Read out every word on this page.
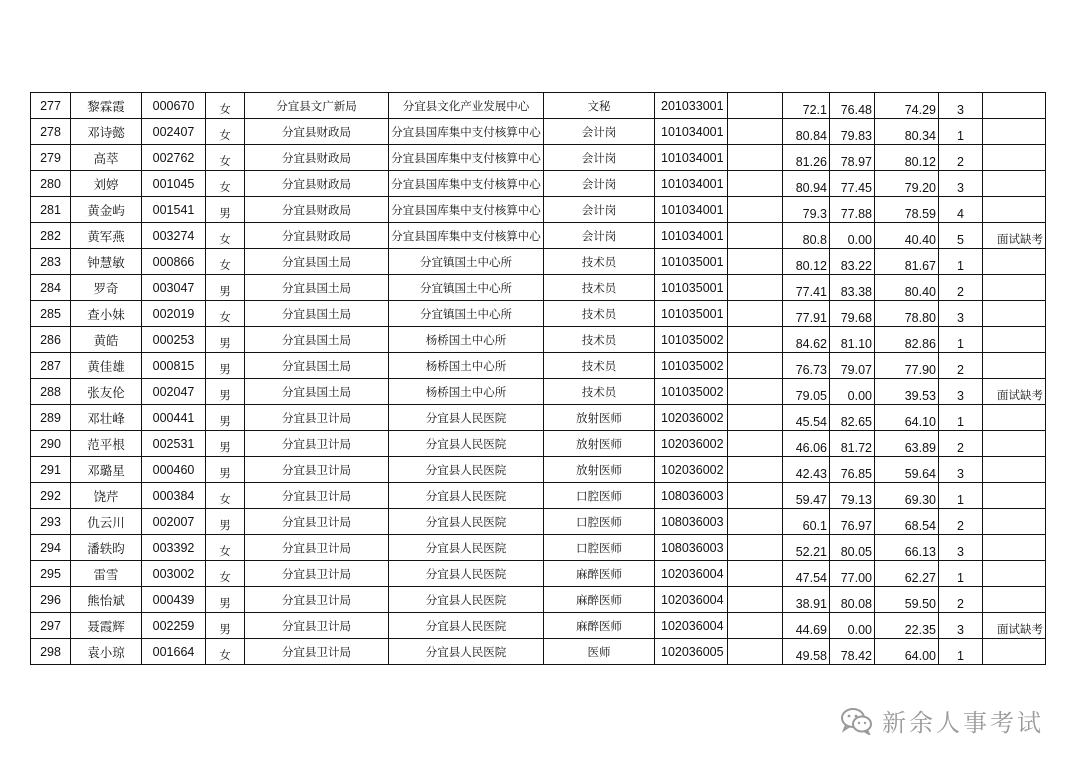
277	黎霖霞	000670	女	分宜县文广新局	分宜县文化产业发展中心	文秘	201033001		72.1	76.48	74.29	3	
278	邓诗懿	002407	女	分宜县财政局	分宜县国库集中支付核算中心	会计岗	101034001		80.84	79.83	80.34	1	
279	高萃	002762	女	分宜县财政局	分宜县国库集中支付核算中心	会计岗	101034001		81.26	78.97	80.12	2	
280	刘婷	001045	女	分宜县财政局	分宜县国库集中支付核算中心	会计岗	101034001		80.94	77.45	79.20	3	
281	黄金屿	001541	男	分宜县财政局	分宜县国库集中支付核算中心	会计岗	101034001		79.3	77.88	78.59	4	
282	黄军燕	003274	女	分宜县财政局	分宜县国库集中支付核算中心	会计岗	101034001		80.8	0.00	40.40	5	面试缺考
283	钟慧敏	000866	女	分宜县国土局	分宜镇国土中心所	技术员	101035001		80.12	83.22	81.67	1	
284	罗奇	003047	男	分宜县国土局	分宜镇国土中心所	技术员	101035001		77.41	83.38	80.40	2	
285	查小妹	002019	女	分宜县国土局	分宜镇国土中心所	技术员	101035001		77.91	79.68	78.80	3	
286	黄皓	000253	男	分宜县国土局	杨桥国土中心所	技术员	101035002		84.62	81.10	82.86	1	
287	黄佳雄	000815	男	分宜县国土局	杨桥国土中心所	技术员	101035002		76.73	79.07	77.90	2	
288	张友伦	002047	男	分宜县国土局	杨桥国土中心所	技术员	101035002		79.05	0.00	39.53	3	面试缺考
289	邓壮峰	000441	男	分宜县卫计局	分宜县人民医院	放射医师	102036002		45.54	82.65	64.10	1	
290	范平根	002531	男	分宜县卫计局	分宜县人民医院	放射医师	102036002		46.06	81.72	63.89	2	
291	邓璐星	000460	男	分宜县卫计局	分宜县人民医院	放射医师	102036002		42.43	76.85	59.64	3	
292	饶芹	000384	女	分宜县卫计局	分宜县人民医院	口腔医师	108036003		59.47	79.13	69.30	1	
293	仇云川	002007	男	分宜县卫计局	分宜县人民医院	口腔医师	108036003		60.1	76.97	68.54	2	
294	潘轶昀	003392	女	分宜县卫计局	分宜县人民医院	口腔医师	108036003		52.21	80.05	66.13	3	
295	雷雪	003002	女	分宜县卫计局	分宜县人民医院	麻醉医师	102036004		47.54	77.00	62.27	1	
296	熊怡斌	000439	男	分宜县卫计局	分宜县人民医院	麻醉医师	102036004		38.91	80.08	59.50	2	
297	聂霞辉	002259	男	分宜县卫计局	分宜县人民医院	麻醉医师	102036004		44.69	0.00	22.35	3	面试缺考
298	袁小琼	001664	女	分宜县卫计局	分宜县人民医院	医师	102036005		49.58	78.42	64.00	1	
新余人事考试
